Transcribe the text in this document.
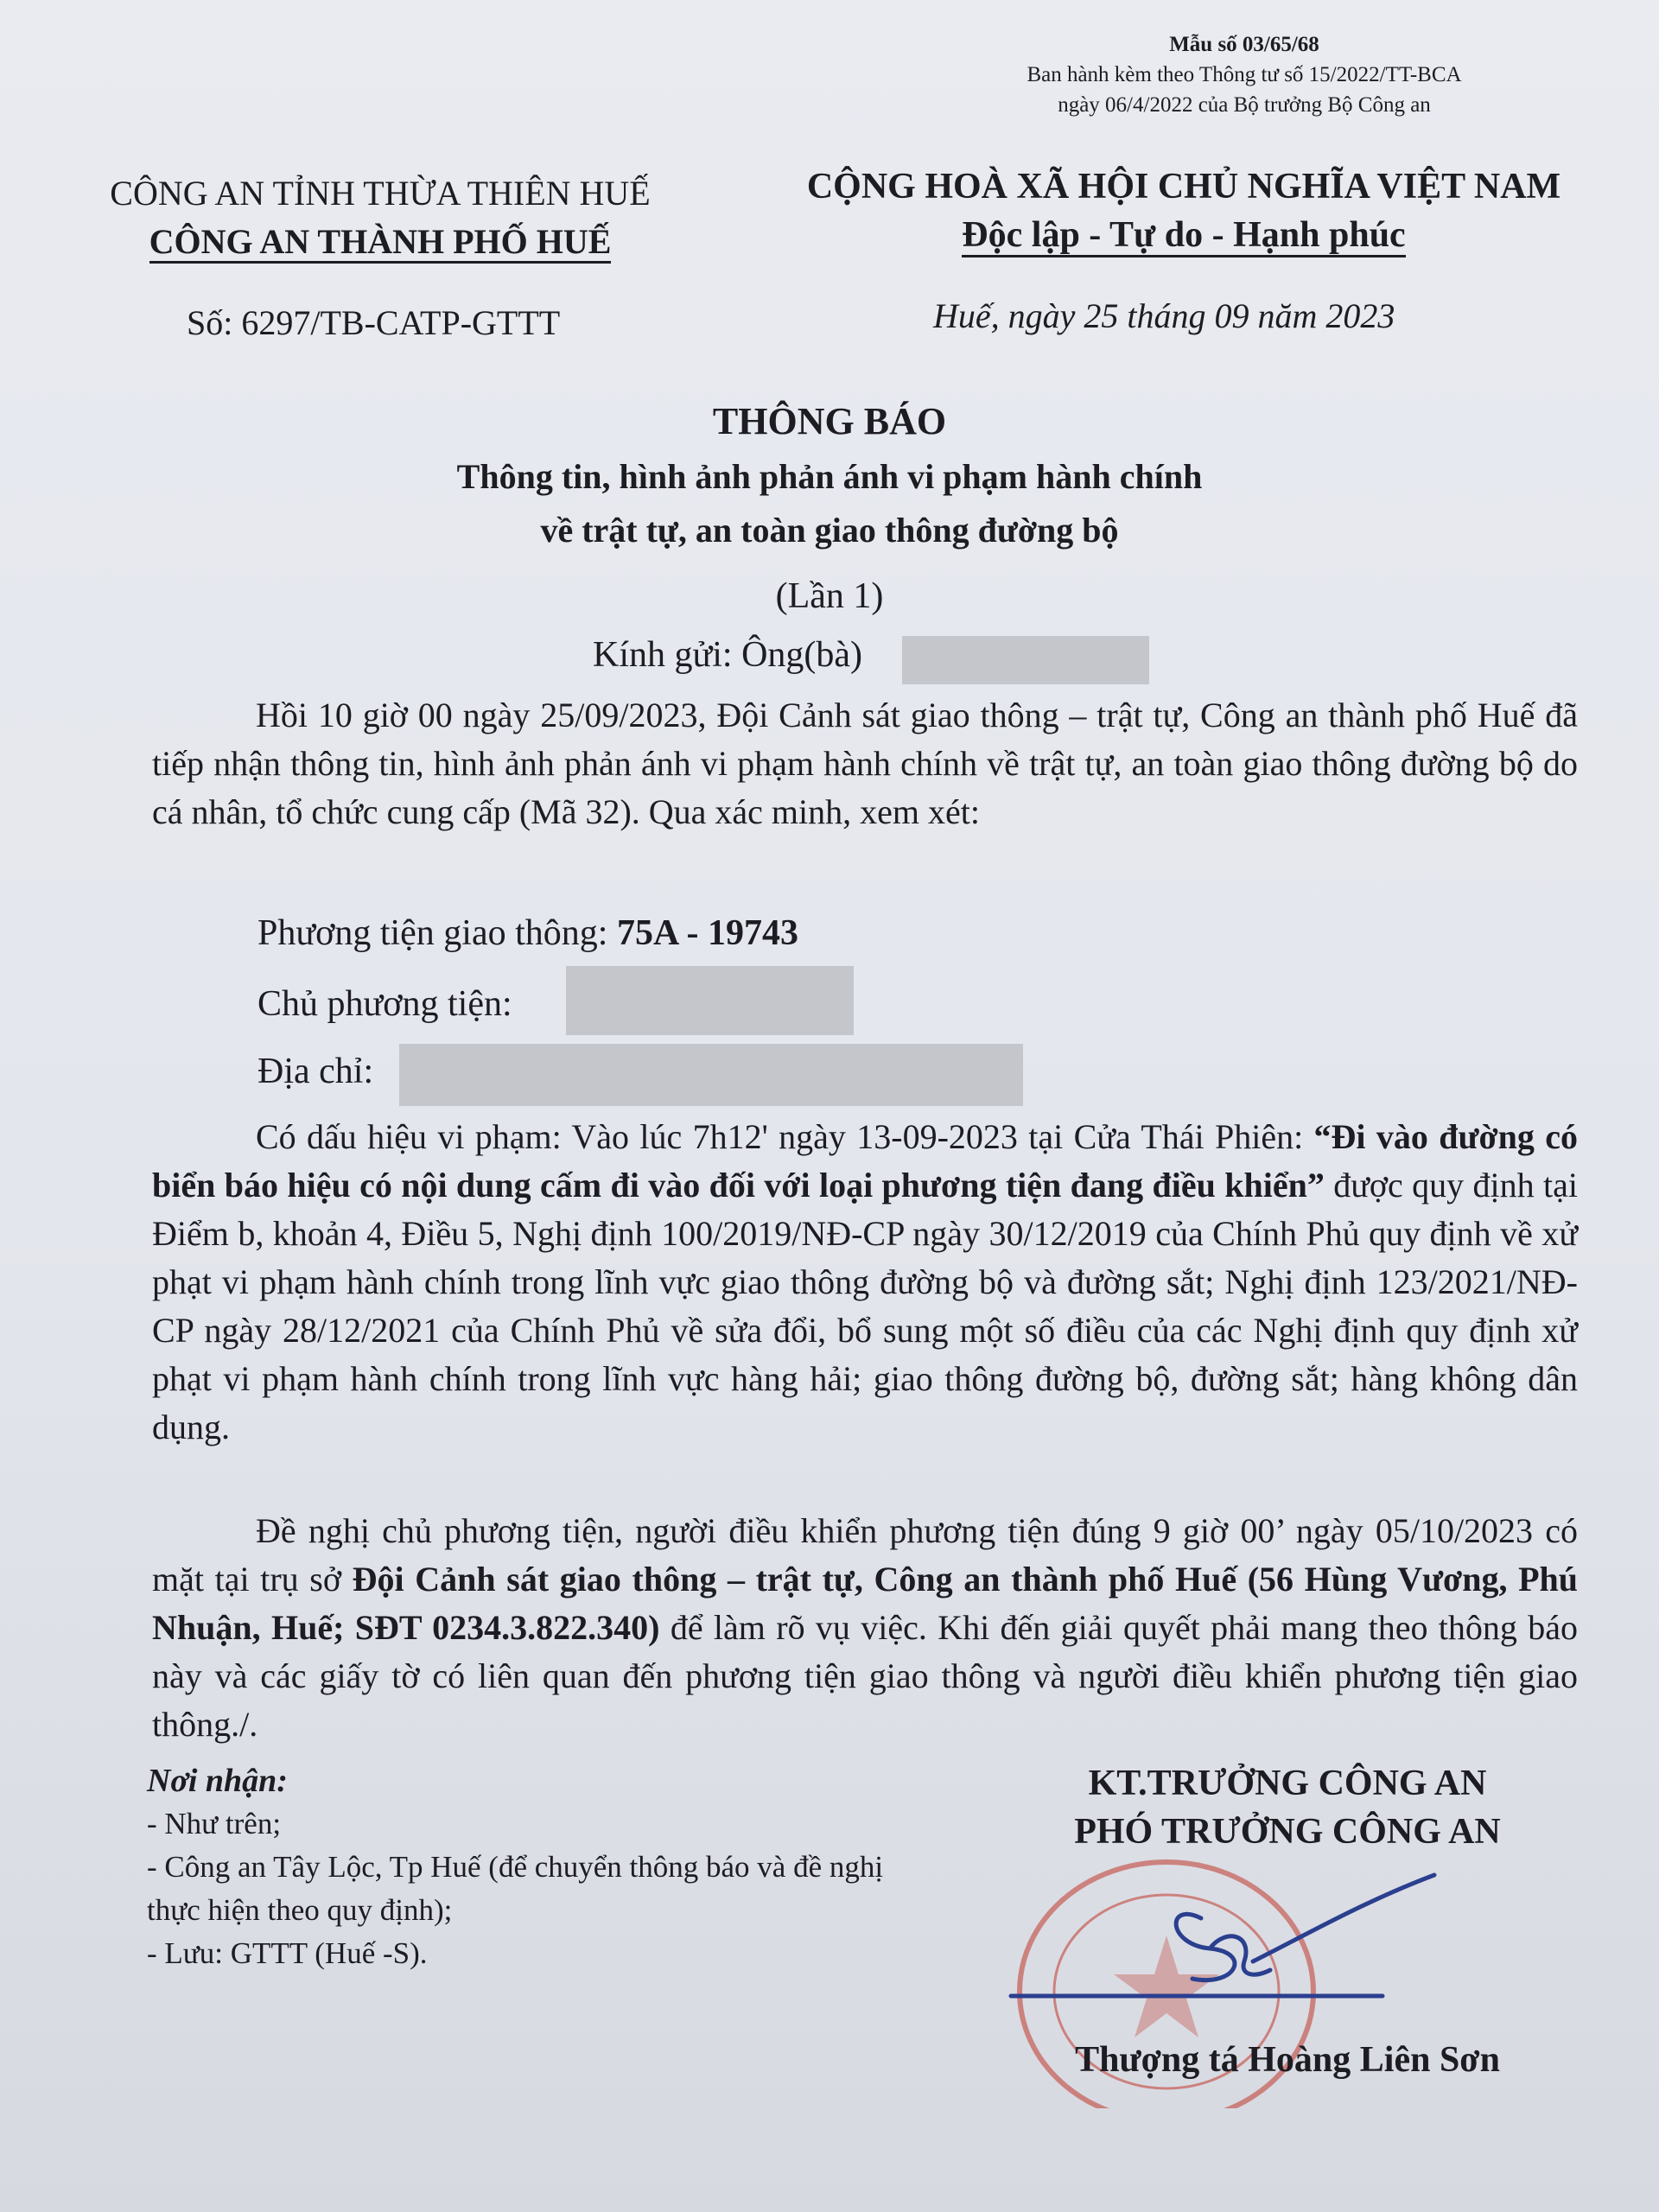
Mẫu số 03/65/68
Ban hành kèm theo Thông tư số 15/2022/TT-BCA
ngày 06/4/2022 của Bộ trưởng Bộ Công an
CÔNG AN TỈNH THỪA THIÊN HUẾ
CÔNG AN THÀNH PHỐ HUẾ
CỘNG HOÀ XÃ HỘI CHỦ NGHĨA VIỆT NAM
Độc lập - Tự do - Hạnh phúc
Số: 6297/TB-CATP-GTTT	Huế, ngày 25 tháng 09 năm 2023
THÔNG BÁO
Thông tin, hình ảnh phản ánh vi phạm hành chính
về trật tự, an toàn giao thông đường bộ
(Lần 1)
Kính gửi: Ông(bà)

Hồi 10 giờ 00 ngày 25/09/2023, Đội Cảnh sát giao thông – trật tự, Công an thành phố Huế đã tiếp nhận thông tin, hình ảnh phản ánh vi phạm hành chính về trật tự, an toàn giao thông đường bộ do cá nhân, tổ chức cung cấp (Mã 32). Qua xác minh, xem xét:

Phương tiện giao thông: 75A - 19743
Chủ phương tiện:
Địa chỉ:

Có dấu hiệu vi phạm: Vào lúc 7h12' ngày 13-09-2023 tại Cửa Thái Phiên: “Đi vào đường có biển báo hiệu có nội dung cấm đi vào đối với loại phương tiện đang điều khiển” được quy định tại Điểm b, khoản 4, Điều 5, Nghị định 100/2019/NĐ-CP ngày 30/12/2019 của Chính Phủ quy định về xử phạt vi phạm hành chính trong lĩnh vực giao thông đường bộ và đường sắt; Nghị định 123/2021/NĐ-CP ngày 28/12/2021 của Chính Phủ về sửa đổi, bổ sung một số điều của các Nghị định quy định xử phạt vi phạm hành chính trong lĩnh vực hàng hải; giao thông đường bộ, đường sắt; hàng không dân dụng.

Đề nghị chủ phương tiện, người điều khiển phương tiện đúng 9 giờ 00’ ngày 05/10/2023 có mặt tại trụ sở Đội Cảnh sát giao thông – trật tự, Công an thành phố Huế (56 Hùng Vương, Phú Nhuận, Huế; SĐT 0234.3.822.340) để làm rõ vụ việc. Khi đến giải quyết phải mang theo thông báo này và các giấy tờ có liên quan đến phương tiện giao thông và người điều khiển phương tiện giao thông./.

Nơi nhận:
- Như trên;
- Công an Tây Lộc, Tp Huế (để chuyển thông báo và đề nghị thực hiện theo quy định);
- Lưu: GTTT (Huế -S).
KT.TRƯỞNG CÔNG AN
PHÓ TRƯỞNG CÔNG AN
Thượng tá Hoàng Liên Sơn
